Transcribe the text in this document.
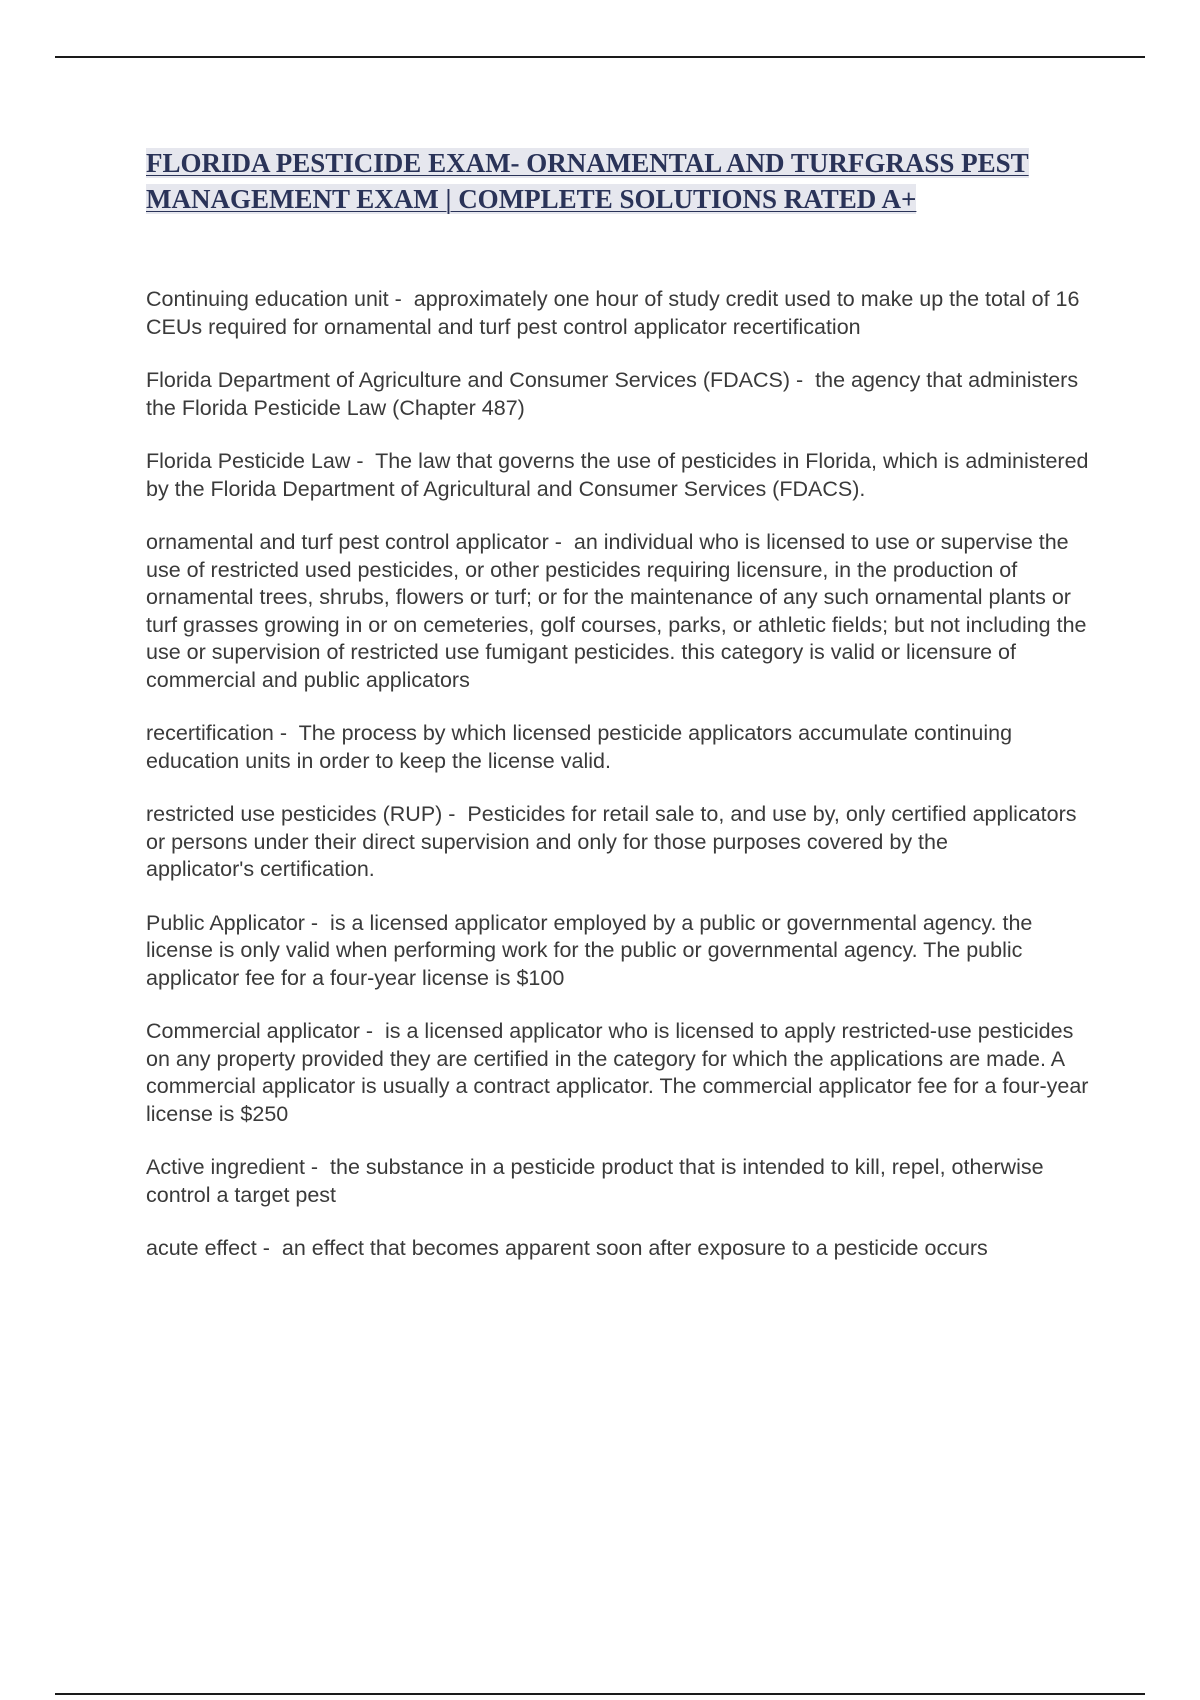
FLORIDA PESTICIDE EXAM- ORNAMENTAL AND TURFGRASS PEST MANAGEMENT EXAM | COMPLETE SOLUTIONS RATED A+

Continuing education unit -  approximately one hour of study credit used to make up the total of 16 CEUs required for ornamental and turf pest control applicator recertification

Florida Department of Agriculture and Consumer Services (FDACS) -  the agency that administers the Florida Pesticide Law (Chapter 487)

Florida Pesticide Law -  The law that governs the use of pesticides in Florida, which is administered by the Florida Department of Agricultural and Consumer Services (FDACS).

ornamental and turf pest control applicator -  an individual who is licensed to use or supervise the use of restricted used pesticides, or other pesticides requiring licensure, in the production of ornamental trees, shrubs, flowers or turf; or for the maintenance of any such ornamental plants or turf grasses growing in or on cemeteries, golf courses, parks, or athletic fields; but not including the use or supervision of restricted use fumigant pesticides. this category is valid or licensure of commercial and public applicators

recertification -  The process by which licensed pesticide applicators accumulate continuing education units in order to keep the license valid.

restricted use pesticides (RUP) -  Pesticides for retail sale to, and use by, only certified applicators or persons under their direct supervision and only for those purposes covered by the
applicator's certification.

Public Applicator -  is a licensed applicator employed by a public or governmental agency. the license is only valid when performing work for the public or governmental agency. The public applicator fee for a four-year license is $100

Commercial applicator -  is a licensed applicator who is licensed to apply restricted-use pesticides on any property provided they are certified in the category for which the applications are made. A commercial applicator is usually a contract applicator. The commercial applicator fee for a four-year license is $250

Active ingredient -  the substance in a pesticide product that is intended to kill, repel, otherwise control a target pest

acute effect -  an effect that becomes apparent soon after exposure to a pesticide occurs
